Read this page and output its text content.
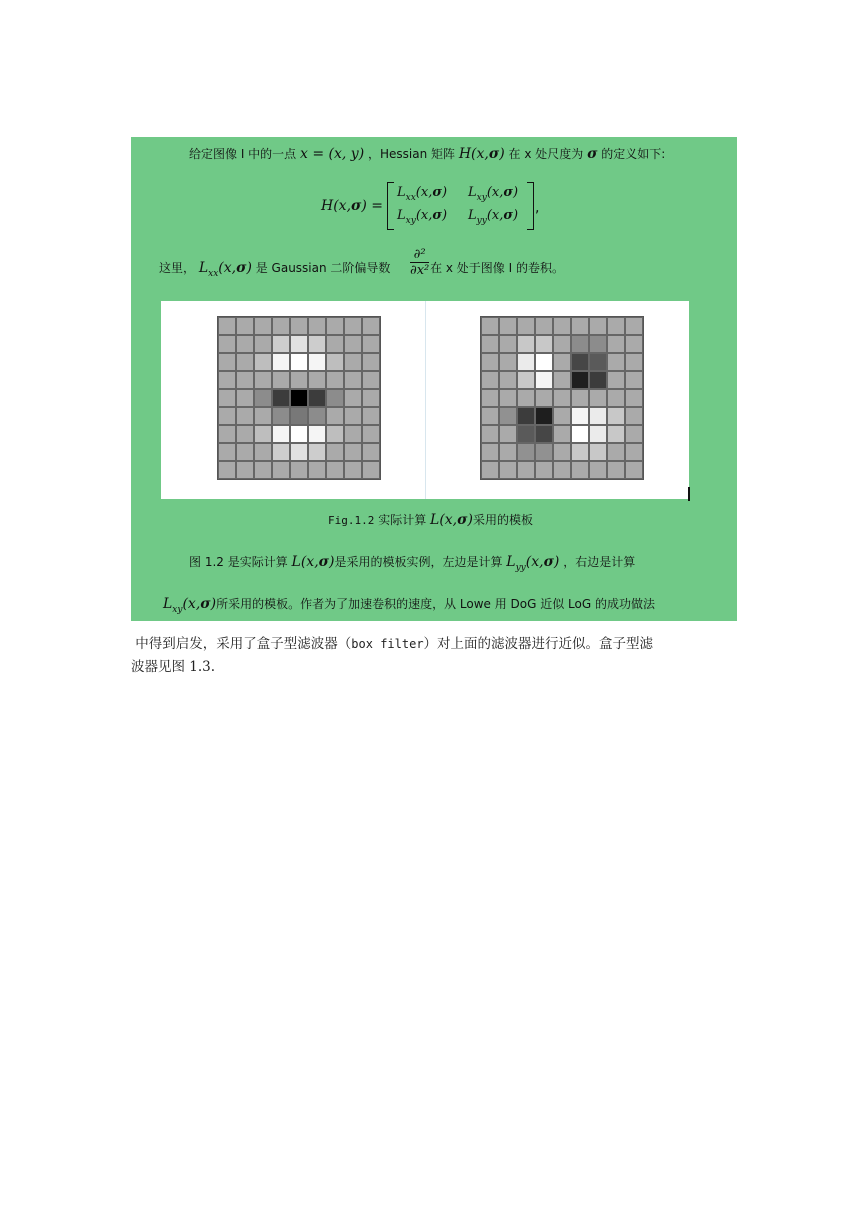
给定图像 I 中的一点 x = (x, y) ，Hessian 矩阵 H(x,σ) 在 x 处尺度为 σ 的定义如下:
H(x,σ) =
$L_{xx}(x,\sigma)$ $L_{xy}(x,\sigma)$
$L_{xy}(x,\sigma)$ $L_{yy}(x,\sigma)$ ,
这里， $L_{xx}(x,\sigma)$ 是 Gaussian 二阶偏导数	在 x 处于图像 I 的卷积。
∂²
∂x²
Fig.1.2 实际计算 L(x,σ)采用的模板
图 1.2 是实际计算 L(x,σ)是采用的模板实例，左边是计算 $L_{yy}(x,\sigma)$ ，右边是计算
$L_{xy}(x,\sigma)$所采用的模板。作者为了加速卷积的速度，从 Lowe 用 DoG 近似 LoG 的成功做法
中得到启发，采用了盒子型滤波器（box filter）对上面的滤波器进行近似。盒子型滤
波器见图 1.3.
